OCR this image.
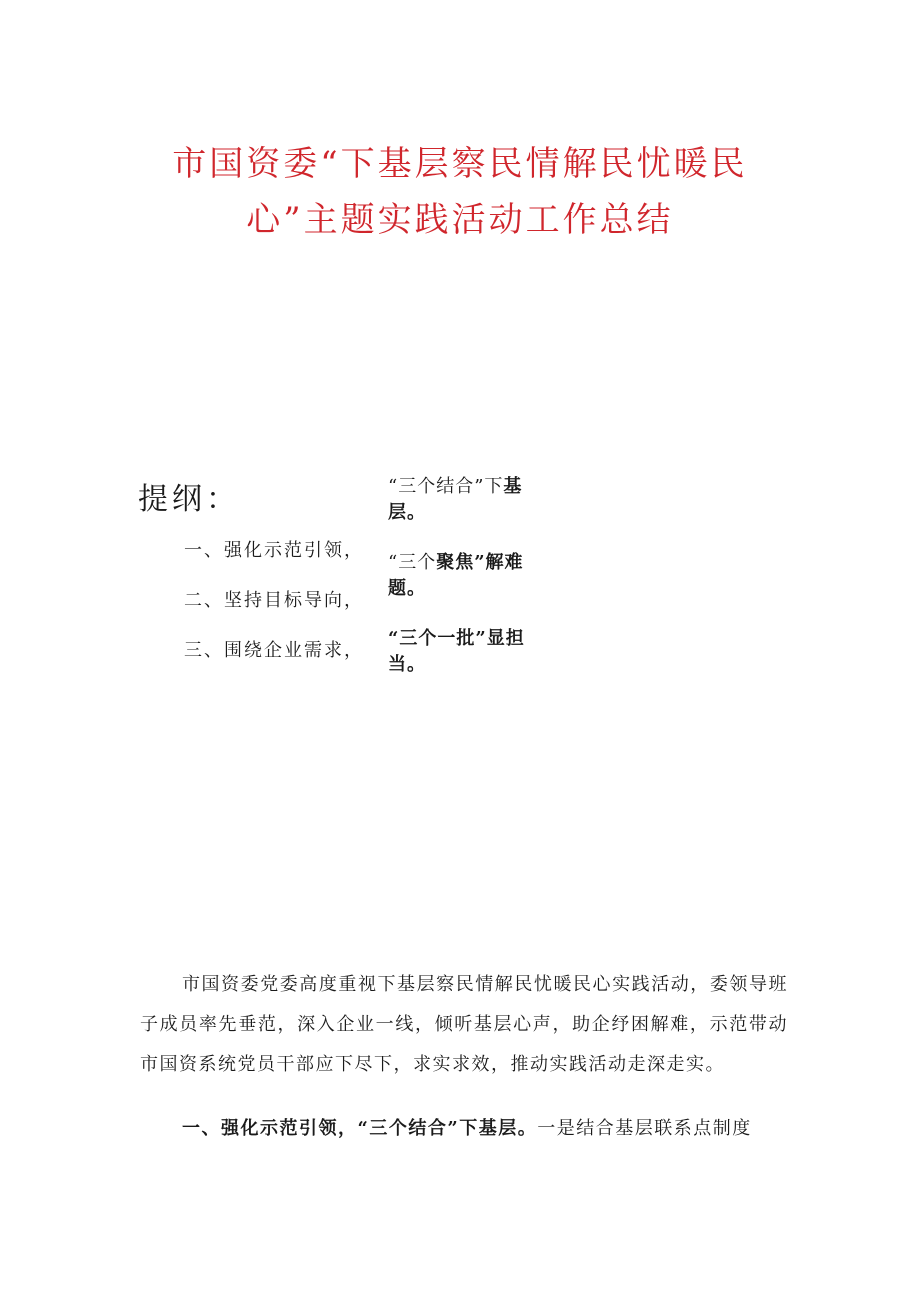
市国资委“下基层察民情解民忧暖民
心”主题实践活动工作总结
提纲：
一、强化示范引领，
二、坚持目标导向，
三、围绕企业需求，
“三个结合”下基层。
“三个聚焦”解难题。
“三个一批”显担当。
市国资委党委高度重视下基层察民情解民忧暖民心实践活动，委领导班子成员率先垂范，深入企业一线，倾听基层心声，助企纾困解难，示范带动市国资系统党员干部应下尽下，求实求效，推动实践活动走深走实。
一、强化示范引领，“三个结合”下基层。一是结合基层联系点制度
